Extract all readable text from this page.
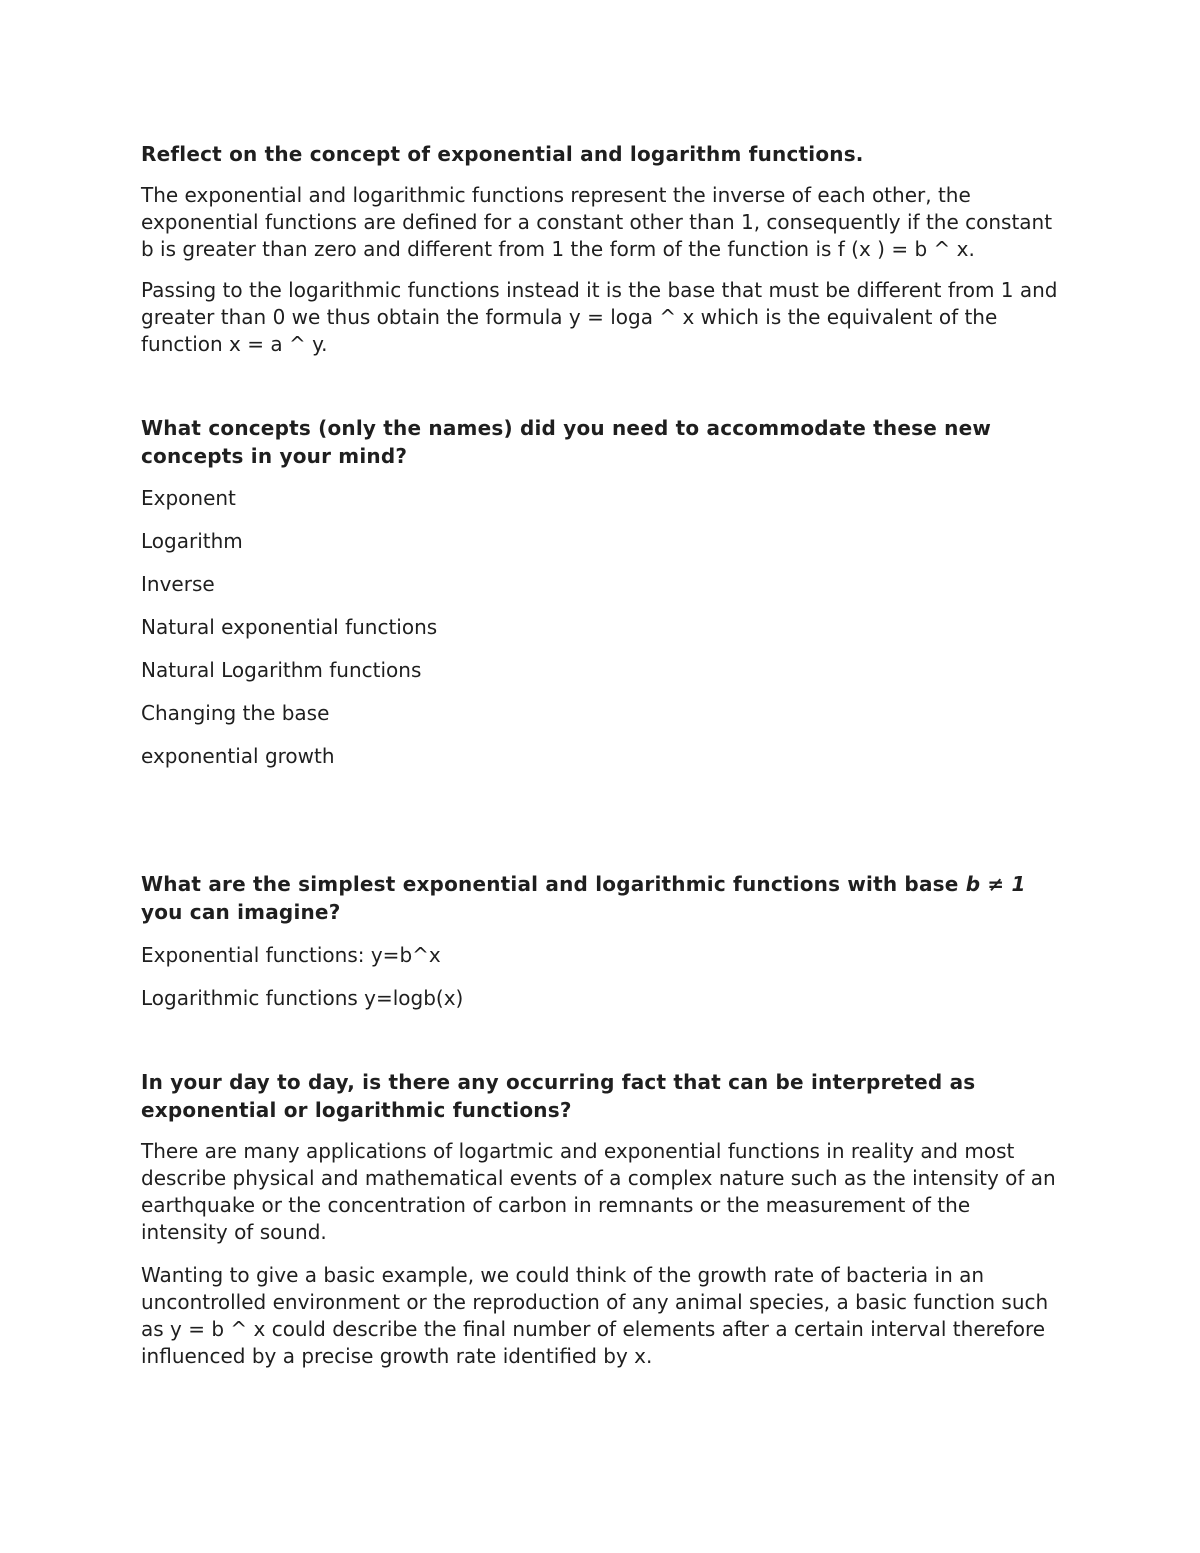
Reflect on the concept of exponential and logarithm functions.

The exponential and logarithmic functions represent the inverse of each other, the exponential functions are defined for a constant other than 1, consequently if the constant b is greater than zero and different from 1 the form of the function is f (x ) = b ^ x.

Passing to the logarithmic functions instead it is the base that must be different from 1 and greater than 0 we thus obtain the formula y = loga ^ x which is the equivalent of the function x = a ^ y.

What concepts (only the names) did you need to accommodate these new concepts in your mind?

Exponent

Logarithm

Inverse

Natural exponential functions

Natural Logarithm functions

Changing the base

exponential growth

What are the simplest exponential and logarithmic functions with base b ≠ 1 you can imagine?

Exponential functions: y=b^x

Logarithmic functions y=logb(x)

In your day to day, is there any occurring fact that can be interpreted as exponential or logarithmic functions?

There are many applications of logartmic and exponential functions in reality and most describe physical and mathematical events of a complex nature such as the intensity of an earthquake or the concentration of carbon in remnants or the measurement of the intensity of sound.

Wanting to give a basic example, we could think of the growth rate of bacteria in an uncontrolled environment or the reproduction of any animal species, a basic function such as y = b ^ x could describe the final number of elements after a certain interval therefore influenced by a precise growth rate identified by x.
